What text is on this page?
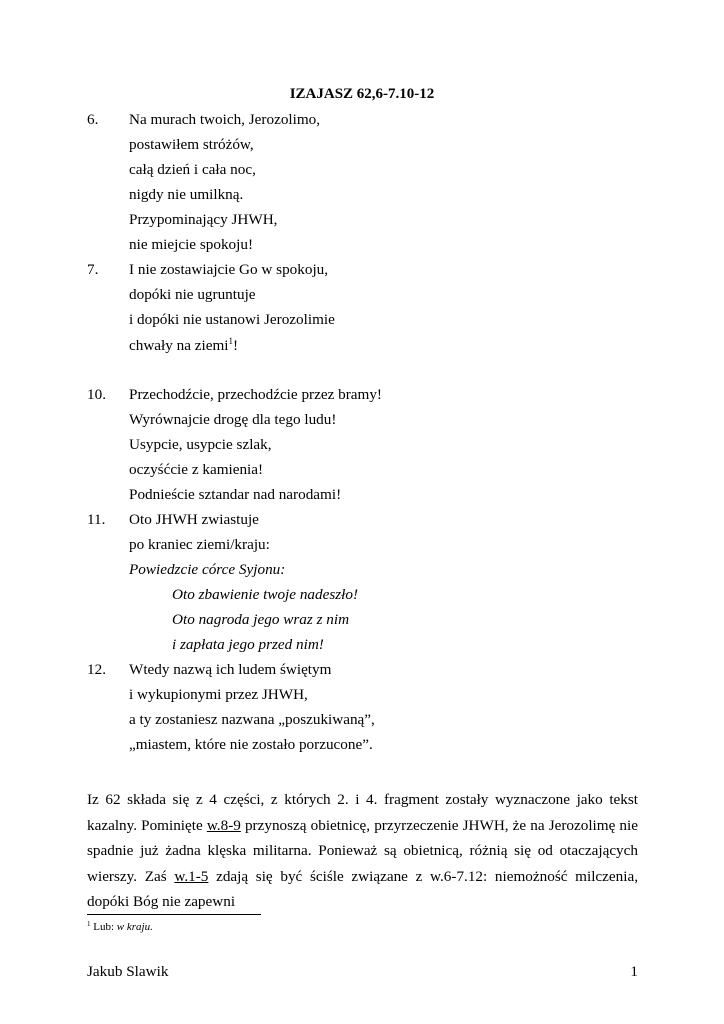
IZAJASZ 62,6-7.10-12
6. Na murach twoich, Jerozolimo,
postawiłem stróżów,
całą dzień i cała noc,
nigdy nie umilkną.
Przypominający JHWH,
nie miejcie spokoju!
7. I nie zostawiajcie Go w spokoju,
dopóki nie ugruntuje
i dopóki nie ustanowi Jerozolimie
chwały na ziemi$^1$!
10. Przechodźcie, przechodźcie przez bramy!
Wyrównajcie drogę dla tego ludu!
Usypcie, usypcie szlak,
oczyśćcie z kamienia!
Podnieście sztandar nad narodami!
11. Oto JHWH zwiastuje
po kraniec ziemi/kraju:
Powiedzcie córce Syjonu:
Oto zbawienie twoje nadeszło!
Oto nagroda jego wraz z nim
i zapłata jego przed nim!
12. Wtedy nazwą ich ludem świętym
i wykupionymi przez JHWH,
a ty zostaniesz nazwana „poszukiwaną”,
„miastem, które nie zostało porzucone”.

Iz 62 składa się z 4 części, z których 2. i 4. fragment zostały wyznaczone jako tekst kazalny. Pominięte w.8-9 przynoszą obietnicę, przyrzeczenie JHWH, że na Jerozolimę nie spadnie już żadna klęska militarna. Ponieważ są obietnicą, różnią się od otaczających wierszy. Zaś w.1-5 zdają się być ściśle związane z w.6-7.12: niemożność milczenia, dopóki Bóg nie zapewni

$^1$ Lub: w kraju.
Jakub Slawik	1
